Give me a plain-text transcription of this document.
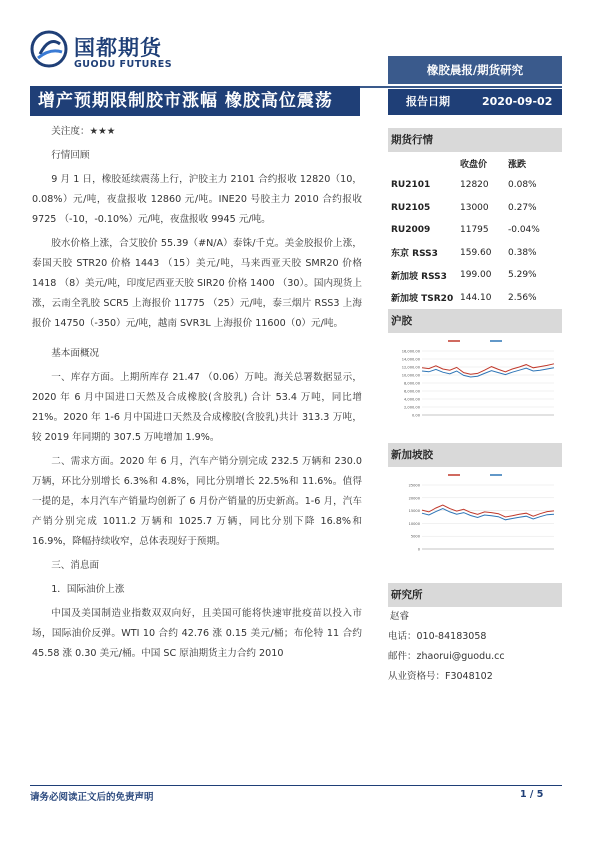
国都期货
GUODU FUTURES	橡胶晨报/期货研究
增产预期限制胶市涨幅 橡胶高位震荡	报告日期	2020-09-02
关注度：★★★
行情回顾
9 月 1 日，橡胶延续震荡上行，沪胶主力 2101 合约报收 12820（10，0.08%）元/吨，夜盘报收 12860 元/吨。INE20 号胶主力 2010 合约报收 9725 （-10，-0.10%）元/吨，夜盘报收 9945 元/吨。
胶水价格上涨，合艾胶价 55.39（#N/A）泰铢/千克。美金胶报价上涨，泰国天胶 STR20 价格 1443 （15）美元/吨，马来西亚天胶 SMR20 价格 1418 （8）美元/吨，印度尼西亚天胶 SIR20 价格 1400 （30）。国内现货上涨，云南全乳胶 SCR5 上海报价 11775 （25）元/吨，泰三烟片 RSS3 上海报价 14750（-350）元/吨，越南 SVR3L 上海报价 11600（0）元/吨。
基本面概况
一、库存方面。上期所库存 21.47 （0.06）万吨。海关总署数据显示，2020 年 6 月中国进口天然及合成橡胶(含胶乳) 合计 53.4 万吨，同比增 21%。2020 年 1-6 月中国进口天然及合成橡胶(含胶乳)共计 313.3 万吨，较 2019 年同期的 307.5 万吨增加 1.9%。
二、需求方面。2020 年 6 月，汽车产销分别完成 232.5 万辆和 230.0 万辆，环比分别增长 6.3%和 4.8%，同比分别增长 22.5%和 11.6%。值得一提的是，本月汽车产销量均创新了 6 月份产销量的历史新高。1-6 月，汽车产销分别完成 1011.2 万辆和 1025.7 万辆，同比分别下降 16.8%和 16.9%，降幅持续收窄，总体表现好于预期。
三、消息面
1．国际油价上涨
中国及美国制造业指数双双向好，且美国可能将快速审批疫苗以投入市场，国际油价反弹。WTI 10 合约 42.76 涨 0.15 美元/桶；布伦特 11 合约 45.58 涨 0.30 美元/桶。中国 SC 原油期货主力合约 2010
期货行情
	收盘价	涨跌
RU2101	12820	0.08%
RU2105	13000	0.27%
RU2009	11795	-0.04%
东京 RSS3	159.60	0.38%
新加坡 RSS3	199.00	5.29%
新加坡 TSR20	144.10	2.56%
沪胶
16,000.00
14,000.00
12,000.00
10,000.00
8,000.00
6,000.00
4,000.00
2,000.00
0.00
新加坡胶
25000
20000
15000
10000
5000
0
研究所
赵睿
电话：010-84183058
邮件：zhaorui@guodu.cc
从业资格号：F3048102
请务必阅读正文后的免责声明	1 / 5
